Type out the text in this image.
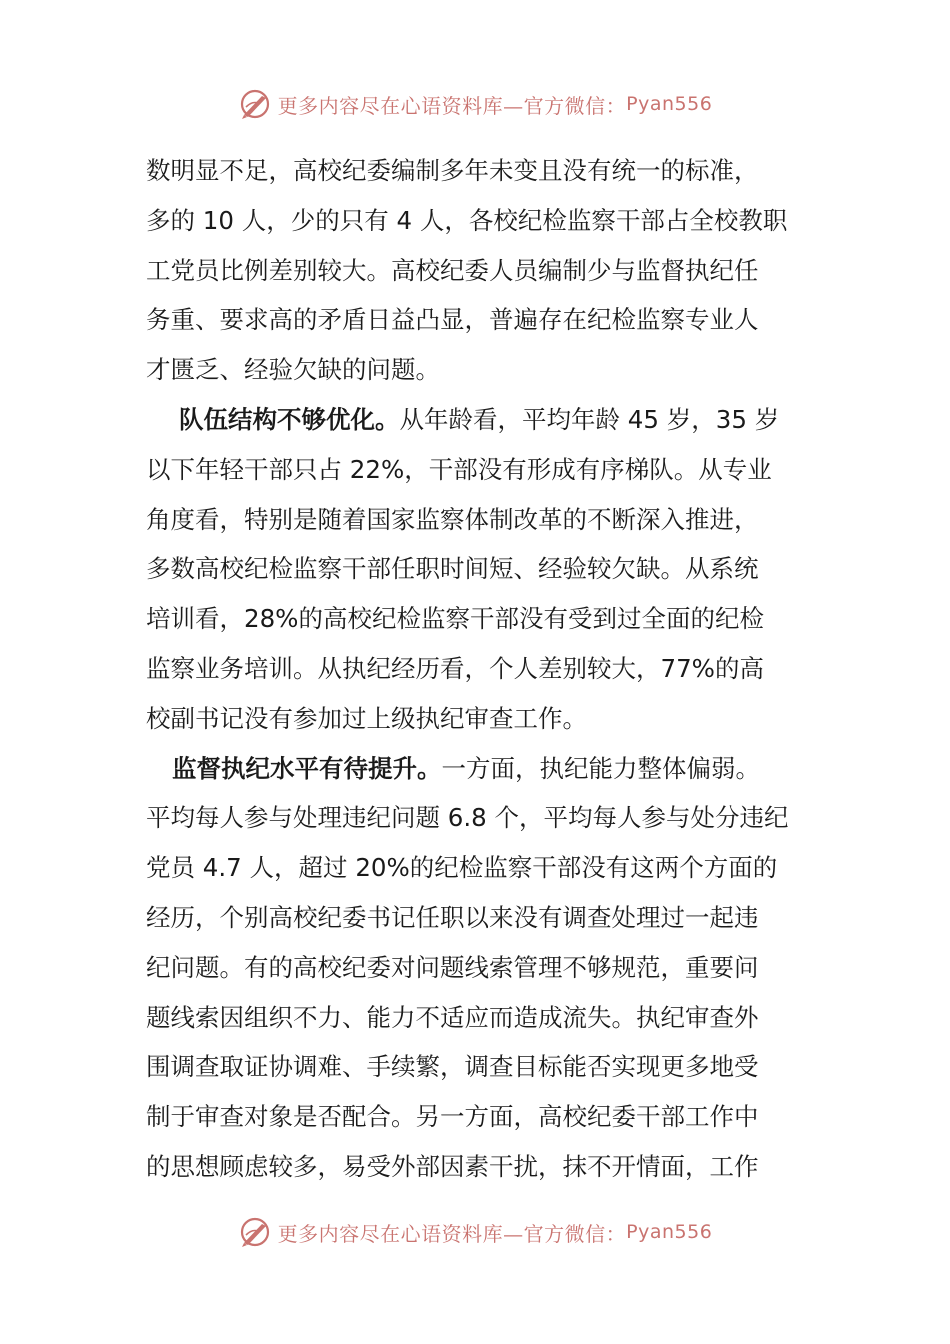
更多内容尽在心语资料库—官方微信： Pyan556
数明显不足，高校纪委编制多年未变且没有统一的标准，
多的 10 人，少的只有 4 人，各校纪检监察干部占全校教职
工党员比例差别较大。高校纪委人员编制少与监督执纪任
务重、要求高的矛盾日益凸显，普遍存在纪检监察专业人
才匮乏、经验欠缺的问题。
队伍结构不够优化。从年龄看，平均年龄 45 岁，35 岁
以下年轻干部只占 22%，干部没有形成有序梯队。从专业
角度看，特别是随着国家监察体制改革的不断深入推进，
多数高校纪检监察干部任职时间短、经验较欠缺。从系统
培训看，28%的高校纪检监察干部没有受到过全面的纪检
监察业务培训。从执纪经历看，个人差别较大，77%的高
校副书记没有参加过上级执纪审查工作。
监督执纪水平有待提升。一方面，执纪能力整体偏弱。
平均每人参与处理违纪问题 6.8 个，平均每人参与处分违纪
党员 4.7 人，超过 20%的纪检监察干部没有这两个方面的
经历，个别高校纪委书记任职以来没有调查处理过一起违
纪问题。有的高校纪委对问题线索管理不够规范，重要问
题线索因组织不力、能力不适应而造成流失。执纪审查外
围调查取证协调难、手续繁，调查目标能否实现更多地受
制于审查对象是否配合。另一方面，高校纪委干部工作中
的思想顾虑较多，易受外部因素干扰，抹不开情面，工作
更多内容尽在心语资料库—官方微信： Pyan556
